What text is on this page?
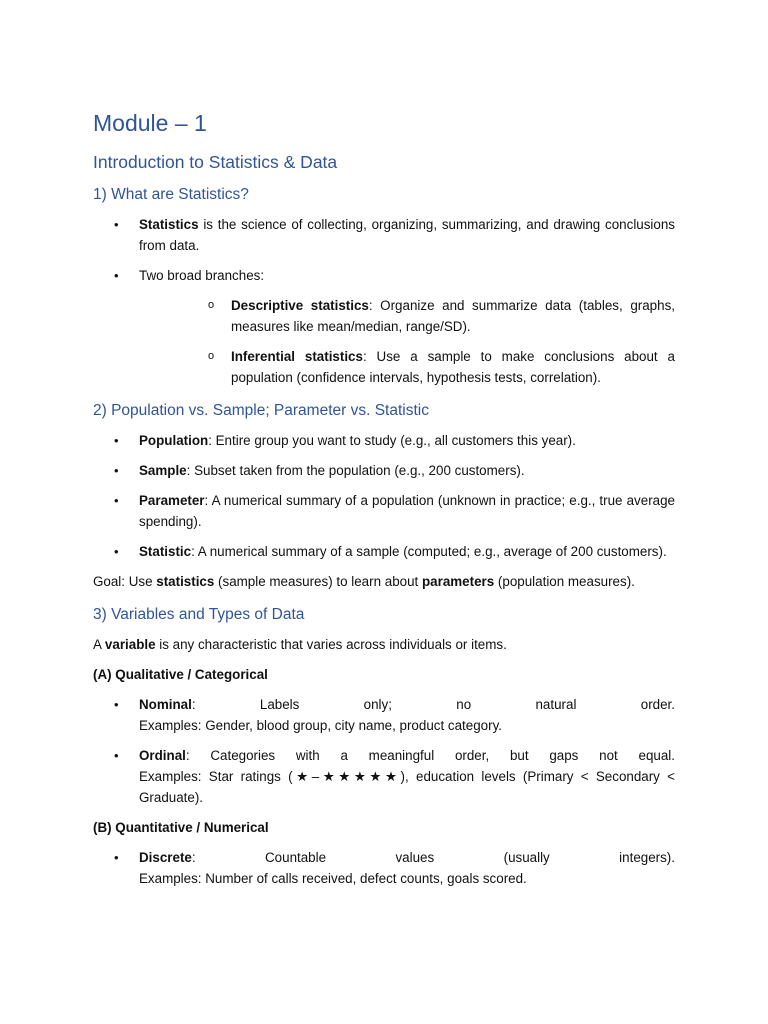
Module – 1
Introduction to Statistics & Data
1) What are Statistics?
• Statistics is the science of collecting, organizing, summarizing, and drawing conclusions from data.
• Two broad branches:
o Descriptive statistics: Organize and summarize data (tables, graphs, measures like mean/median, range/SD).
o Inferential statistics: Use a sample to make conclusions about a population (confidence intervals, hypothesis tests, correlation).
2) Population vs. Sample; Parameter vs. Statistic
• Population: Entire group you want to study (e.g., all customers this year).
• Sample: Subset taken from the population (e.g., 200 customers).
• Parameter: A numerical summary of a population (unknown in practice; e.g., true average spending).
• Statistic: A numerical summary of a sample (computed; e.g., average of 200 customers).

Goal: Use statistics (sample measures) to learn about parameters (population measures).

3) Variables and Types of Data

A variable is any characteristic that varies across individuals or items.

(A) Qualitative / Categorical

• Nominal: Labels only; no natural order.
Examples: Gender, blood group, city name, product category.
• Ordinal: Categories with a meaningful order, but gaps not equal.
Examples: Star ratings (★–★★★★★), education levels (Primary < Secondary < Graduate).

(B) Quantitative / Numerical

• Discrete: Countable values (usually integers).
Examples: Number of calls received, defect counts, goals scored.
